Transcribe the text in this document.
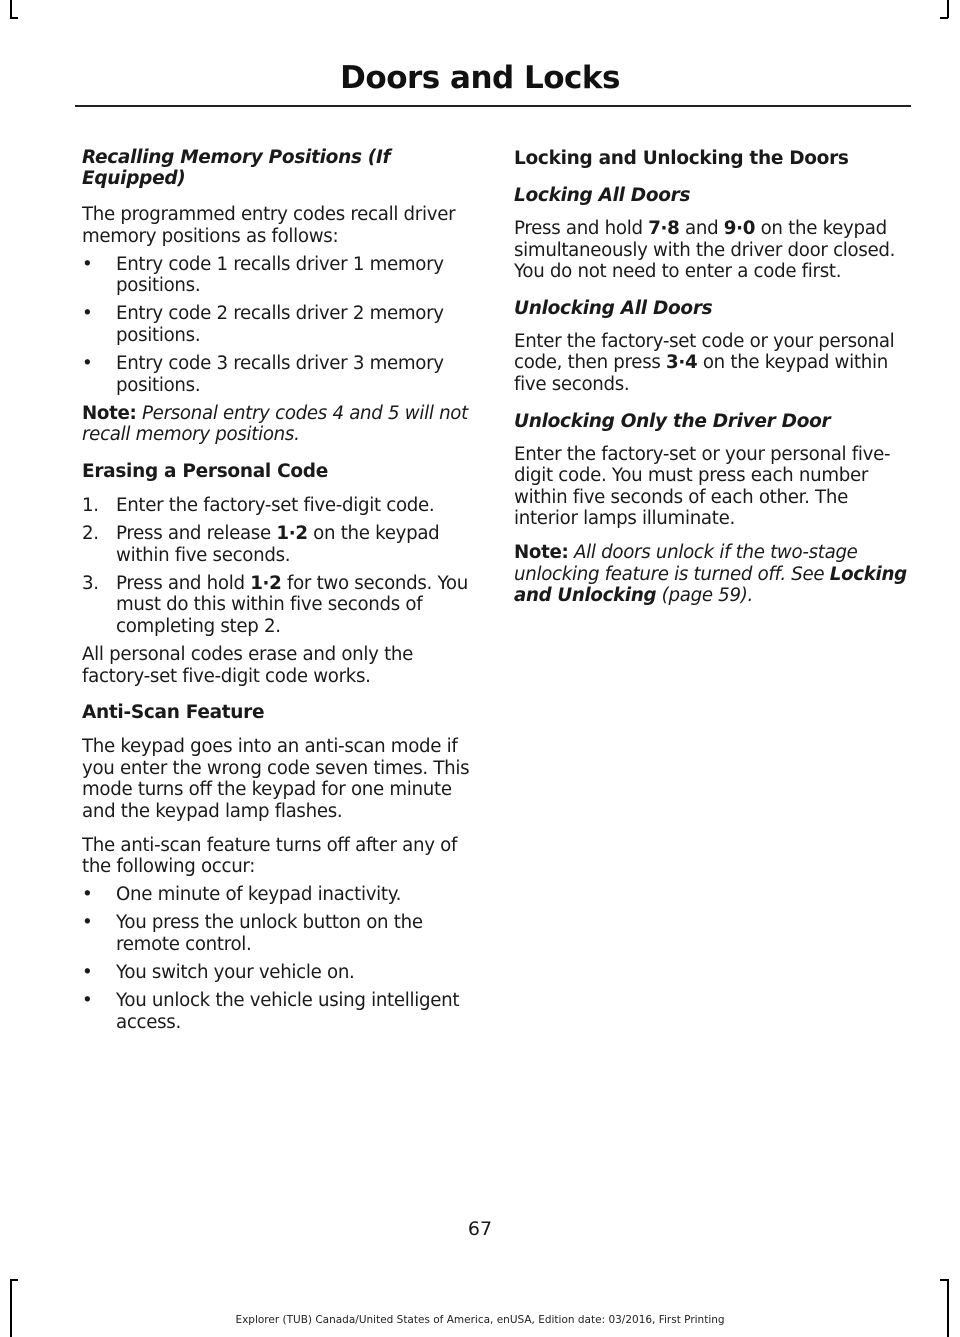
Doors and Locks

Recalling Memory Positions (If Equipped)

The programmed entry codes recall driver memory positions as follows:

•	Entry code 1 recalls driver 1 memory positions.
•	Entry code 2 recalls driver 2 memory positions.
•	Entry code 3 recalls driver 3 memory positions.

Note: Personal entry codes 4 and 5 will not recall memory positions.

Erasing a Personal Code

1. Enter the factory-set five-digit code.
2. Press and release 1·2 on the keypad within five seconds.
3. Press and hold 1·2 for two seconds. You must do this within five seconds of completing step 2.

All personal codes erase and only the factory-set five-digit code works.

Anti-Scan Feature

The keypad goes into an anti-scan mode if you enter the wrong code seven times. This mode turns off the keypad for one minute and the keypad lamp flashes.

The anti-scan feature turns off after any of the following occur:

•	One minute of keypad inactivity.
•	You press the unlock button on the remote control.
•	You switch your vehicle on.
•	You unlock the vehicle using intelligent access.

Locking and Unlocking the Doors

Locking All Doors

Press and hold 7·8 and 9·0 on the keypad simultaneously with the driver door closed. You do not need to enter a code first.

Unlocking All Doors

Enter the factory-set code or your personal code, then press 3·4 on the keypad within five seconds.

Unlocking Only the Driver Door

Enter the factory-set or your personal five-digit code. You must press each number within five seconds of each other. The interior lamps illuminate.

Note: All doors unlock if the two-stage unlocking feature is turned off. See Locking and Unlocking (page 59).

67
Explorer (TUB) Canada/United States of America, enUSA, Edition date: 03/2016, First Printing
